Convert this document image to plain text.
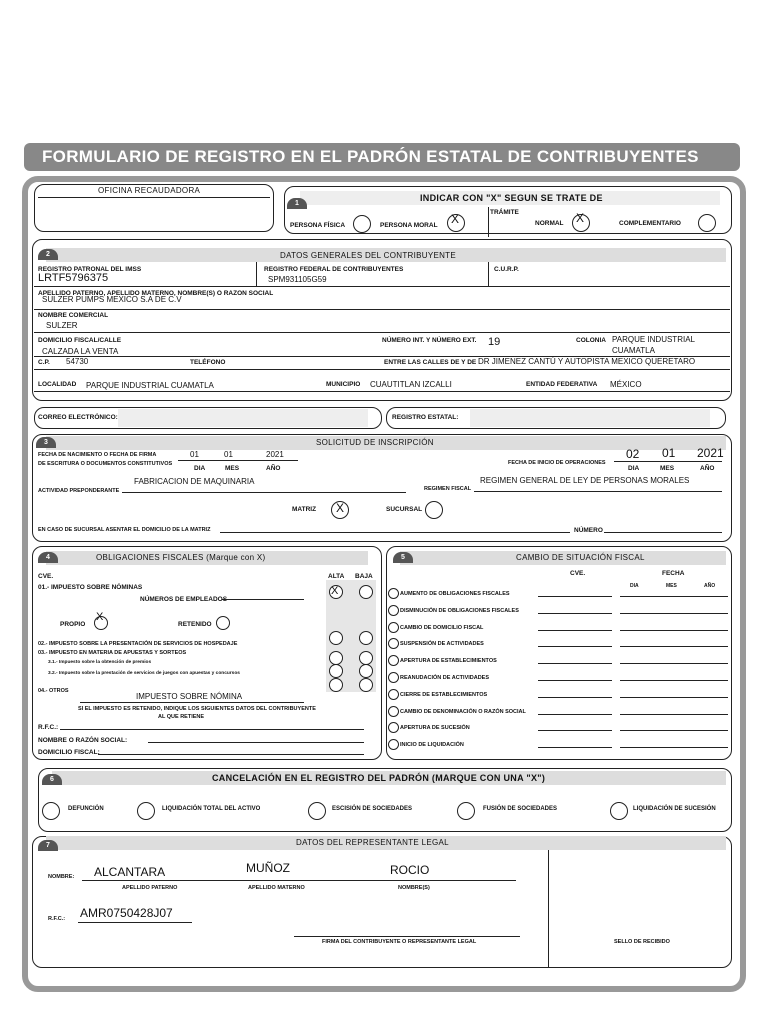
FORMULARIO DE REGISTRO EN EL PADRÓN ESTATAL DE CONTRIBUYENTES
OFICINA RECAUDADORA
1
INDICAR CON "X" SEGUN SE TRATE DE
TRÁMITE
PERSONA FÍSICA	PERSONA MORAL X	NORMAL X	COMPLEMENTARIO
2	DATOS GENERALES DEL CONTRIBUYENTE
REGISTRO PATRONAL DEL IMSS
LRTF5796375
REGISTRO FEDERAL DE CONTRIBUYENTES
SPM931105G59
C.U.R.P.
APELLIDO PATERNO, APELLIDO MATERNO, NOMBRE(S) O RAZON SOCIAL
SULZER PUMPS MEXICO S.A DE C.V
NOMBRE COMERCIAL
SULZER
DOMICILIO FISCAL/CALLE
CALZADA LA VENTA
NÚMERO INT. Y NÚMERO EXT. 19	COLONIA PARQUE INDUSTRIAL
CUAMATLA
C.P. 54730	TELÉFONO	ENTRE LAS CALLES DE Y DE DR JIMENEZ CANTÚ Y AUTOPISTA MEXICO QUERETARO
LOCALIDAD PARQUE INDUSTRIAL CUAMATLA	MUNICIPIO CUAUTITLAN IZCALLI	ENTIDAD FEDERATIVA MÉXICO
CORREO ELECTRÓNICO:	REGISTRO ESTATAL:
3	SOLICITUD DE INSCRIPCIÓN
FECHA DE NACIMIENTO O FECHA DE FIRMA
DE ESCRITURA O DOCUMENTOS CONSTITUTIVOS
01	01	2021
DIA	MES	AÑO
FECHA DE INICIO DE OPERACIONES
02 01 2021
DIA	MES	AÑO
ACTIVIDAD PREPONDERANTE
FABRICACION DE MAQUINARIA
REGIMEN FISCAL
REGIMEN GENERAL DE LEY DE PERSONAS MORALES
MATRIZ X	SUCURSAL
EN CASO DE SUCURSAL ASENTAR EL DOMICILIO DE LA MATRIZ	NÚMERO
4	OBLIGACIONES FISCALES (Marque con X)
CVE.	ALTA BAJA
01.- IMPUESTO SOBRE NÓMINAS	X
NÚMEROS DE EMPLEADOS
PROPIO
X
RETENIDO
02.- IMPUESTO SOBRE LA PRESENTACIÓN DE SERVICIOS DE HOSPEDAJE
03.- IMPUESTO EN MATERIA DE APUESTAS Y SORTEOS
3.1.- Impuesto sobre la obtención de premios
3.2.- Impuesto sobre la prestación de servicios de juegos con apuestas y concursos
04.- OTROS
IMPUESTO SOBRE NÓMINA
SI EL IMPUESTO ES RETENIDO, INDIQUE LOS SIGUIENTES DATOS DEL CONTRIBUYENTE
AL QUE RETIENE
R.F.C.:
NOMBRE O RAZÓN SOCIAL:
DOMICILIO FISCAL:
5	CAMBIO DE SITUACIÓN FISCAL
CVE.	FECHA
DIA	MES	AÑO
AUMENTO DE OBLIGACIONES FISCALES
DISMINUCIÓN DE OBLIGACIONES FISCALES
CAMBIO DE DOMICILIO FISCAL
SUSPENSIÓN DE ACTIVIDADES
APERTURA DE ESTABLECIMIENTOS
REANUDACIÓN DE ACTIVIDADES
CIERRE DE ESTABLECIMIENTOS
CAMBIO DE DENOMINACIÓN O RAZÓN SOCIAL
APERTURA DE SUCESIÓN
INICIO DE LIQUIDACIÓN
6	CANCELACIÓN EN EL REGISTRO DEL PADRÓN (MARQUE CON UNA "X")
DEFUNCIÓN	LIQUIDACIÓN TOTAL DEL ACTIVO	ESCISIÓN DE SOCIEDADES	FUSIÓN DE SOCIEDADES	LIQUIDACIÓN DE SUCESIÓN
7	DATOS DEL REPRESENTANTE LEGAL
NOMBRE: ALCANTARA	MUÑOZ	ROCIO
APELLIDO PATERNO	APELLIDO MATERNO	NOMBRE(S)
R.F.C.: AMR0750428J07
FIRMA DEL CONTRIBUYENTE O REPRESENTANTE LEGAL	SELLO DE RECIBIDO
